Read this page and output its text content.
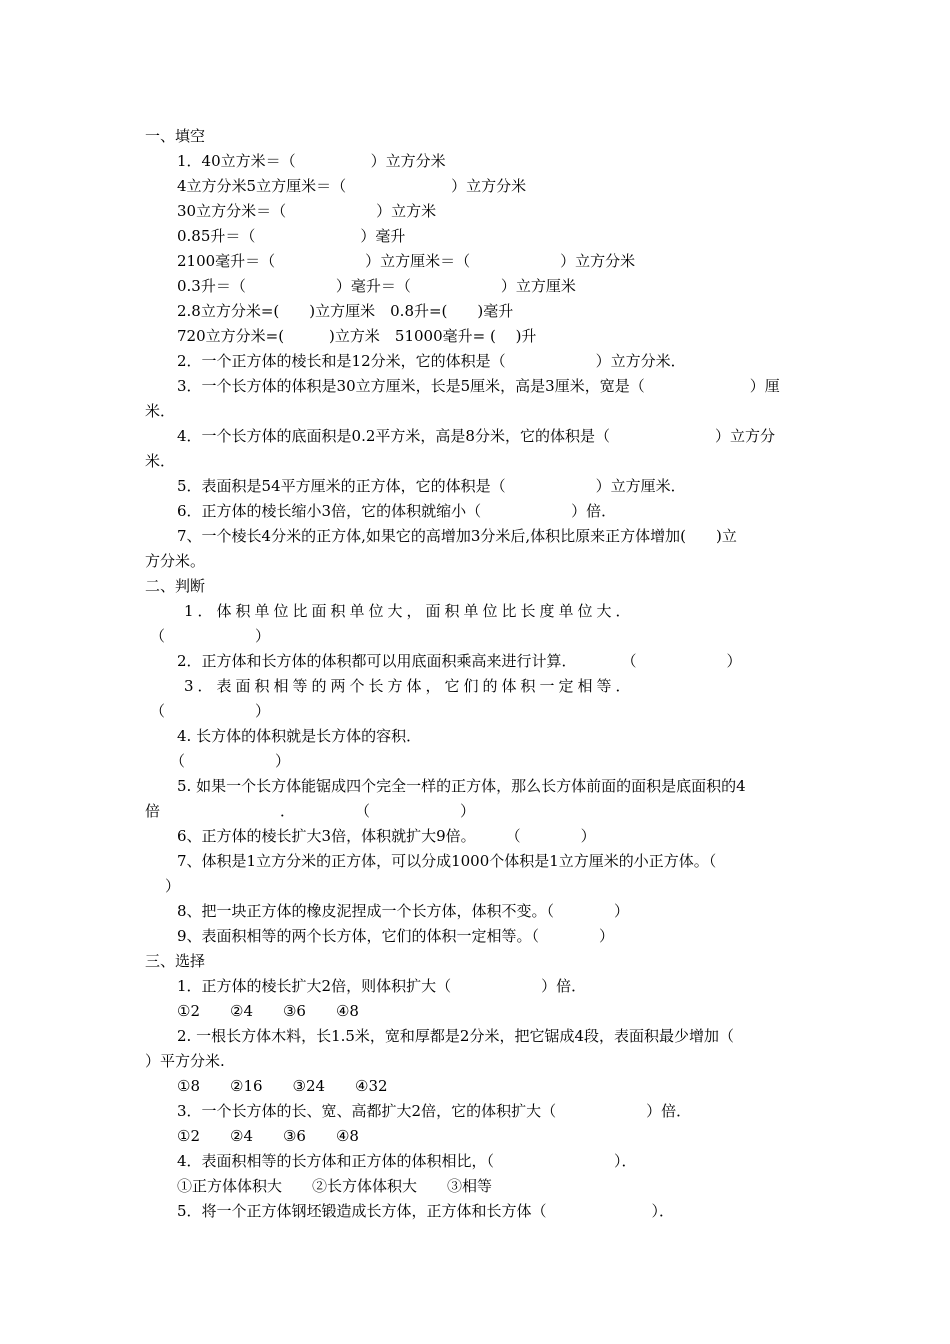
一、填空
1．40立方米＝（　　　　　）立方分米
4立方分米5立方厘米＝（　　　　　　　）立方分米
30立方分米＝（　　　　　　）立方米
0.85升＝（　　　　　　　）毫升
2100毫升＝（　　　　　　）立方厘米＝（　　　　　　）立方分米
0.3升＝（　　　　　　）毫升＝（　　　　　　）立方厘米
2.8立方分米=(　　)立方厘米　0.8升=(　　)毫升
720立方分米=(　　　)立方米　51000毫升= (　 )升
2．一个正方体的棱长和是12分米，它的体积是（　　　　　　）立方分米．
3．一个长方体的体积是30立方厘米，长是5厘米，高是3厘米，宽是（　　　　　　　）厘
米．
4．一个长方体的底面积是0.2平方米，高是8分米，它的体积是（　　　　　　　）立方分
米．
5．表面积是54平方厘米的正方体，它的体积是（　　　　　　）立方厘米．
6．正方体的棱长缩小3倍，它的体积就缩小（　　　　　　）倍．
7、一个棱长4分米的正方体,如果它的高增加3分米后,体积比原来正方体增加(　　)立
方分米。
二、判断
1．体积单位比面积单位大，面积单位比长度单位大．
（　　　　　　）
2．正方体和长方体的体积都可以用底面积乘高来进行计算．　　　　（　　　　　　）
3．表面积相等的两个长方体，它们的体积一定相等．
（　　　　　　）
4. 长方体的体积就是长方体的容积．
（　　　　　　）
5. 如果一个长方体能锯成四个完全一样的正方体，那么长方体前面的面积是底面积的4
倍　　　　　　　　．　　　　　（　　　　　　）
6、正方体的棱长扩大3倍，体积就扩大9倍。　　　（　　　　）
7、体积是1立方分米的正方体，可以分成1000个体积是1立方厘米的小正方体。（
）
8、把一块正方体的橡皮泥捏成一个长方体，体积不变。（　　　　）
9、表面积相等的两个长方体，它们的体积一定相等。（　　　　）
三、选择
1．正方体的棱长扩大2倍，则体积扩大（　　　　　　）倍．
①2　　②4　　③6　　④8
2. 一根长方体木料，长1.5米，宽和厚都是2分米，把它锯成4段，表面积最少增加（
）平方分米.
①8　　②16　　③24　　④32
3．一个长方体的长、宽、高都扩大2倍，它的体积扩大（　　　　　　）倍．
①2　　②4　　③6　　④8
4．表面积相等的长方体和正方体的体积相比，（　　　　　　　　）．
①正方体体积大　　②长方体体积大　　③相等
5．将一个正方体钢坯锻造成长方体，正方体和长方体（　　　　　　　）．
